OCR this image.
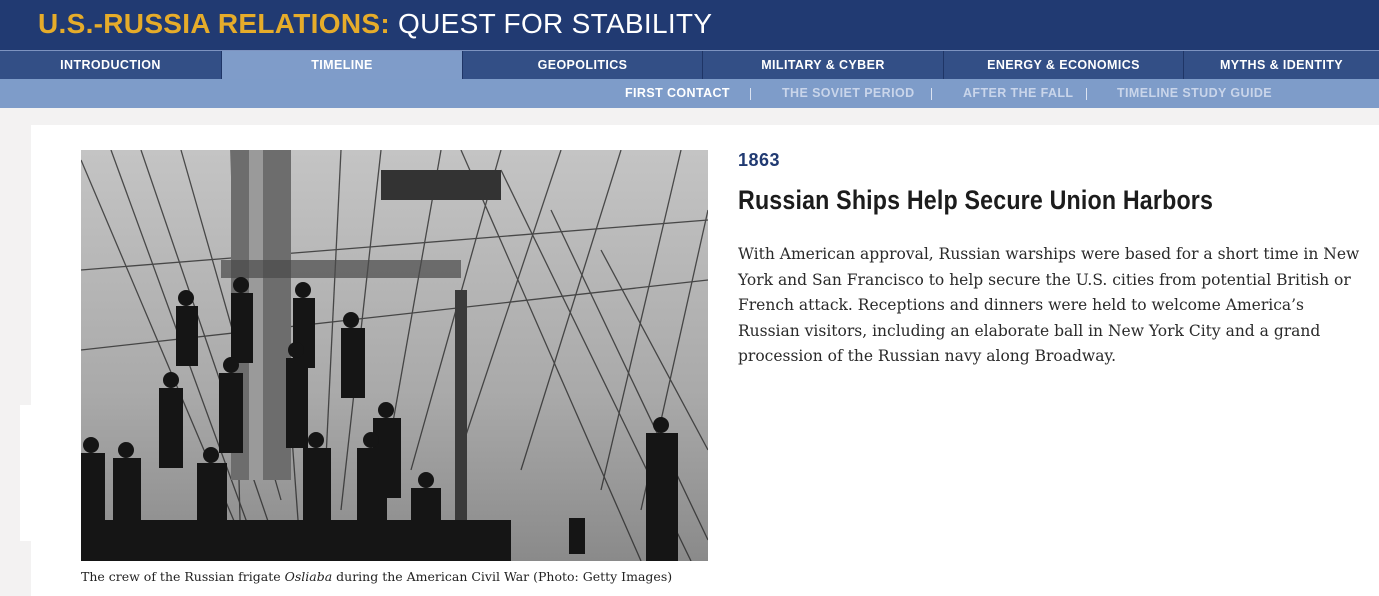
U.S.-RUSSIA RELATIONS: QUEST FOR STABILITY
INTRODUCTION	TIMELINE	GEOPOLITICS	MILITARY & CYBER	ENERGY & ECONOMICS	MYTHS & IDENTITY
FIRST CONTACT	THE SOVIET PERIOD	AFTER THE FALL	TIMELINE STUDY GUIDE
The crew of the Russian frigate Osliaba during the American Civil War (Photo: Getty Images)
1863
Russian Ships Help Secure Union Harbors
With American approval, Russian warships were based for a short time in New York and San Francisco to help secure the U.S. cities from potential British or French attack. Receptions and dinners were held to welcome America’s Russian visitors, including an elaborate ball in New York City and a grand procession of the Russian navy along Broadway.
